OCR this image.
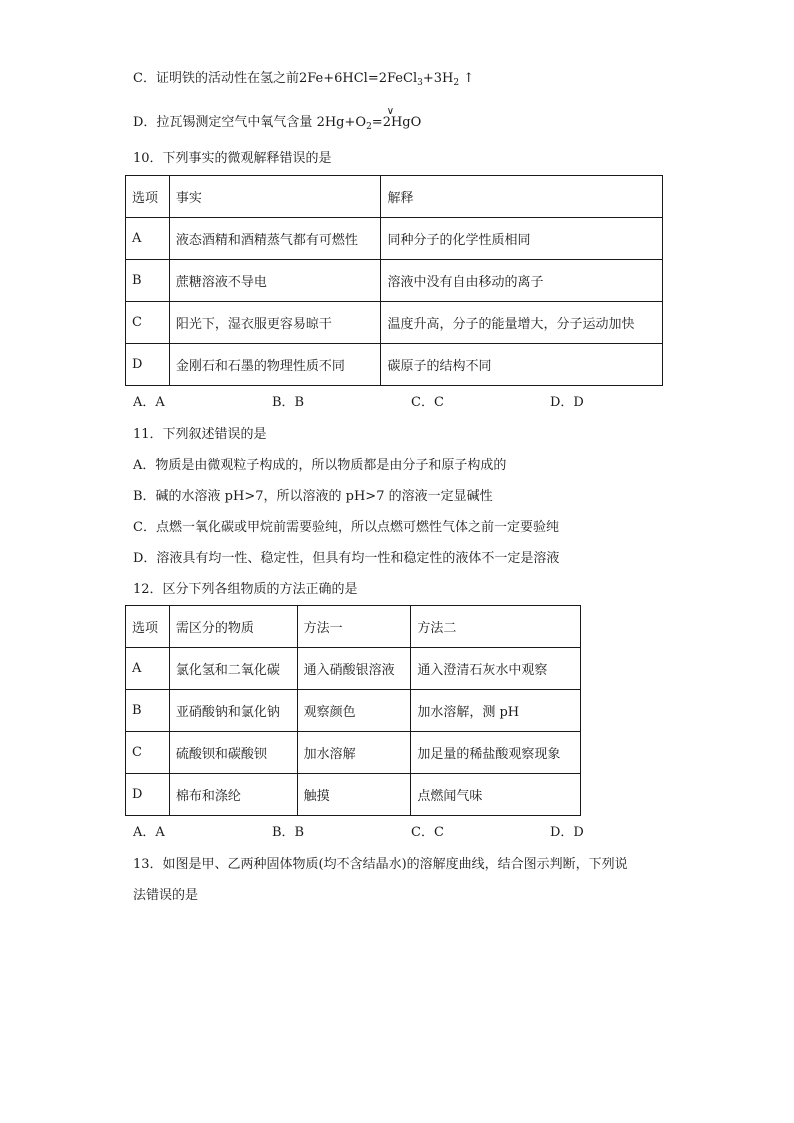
C．证明铁的活动性在氢之前$2Fe+6HCl=2FeCl_3+3H_2$ ↑
D．拉瓦锡测定空气中氧气含量 $2Hg+O_2$
∨
=2HgO
10．下列事实的微观解释错误的是
选项	事实	解释
A	液态酒精和酒精蒸气都有可燃性	同种分子的化学性质相同
B	蔗糖溶液不导电	溶液中没有自由移动的离子
C	阳光下，湿衣服更容易晾干	温度升高，分子的能量增大，分子运动加快
D	金刚石和石墨的物理性质不同	碳原子的结构不同
A．A	B．B	C．C	D．D
11．下列叙述错误的是
A．物质是由微观粒子构成的，所以物质都是由分子和原子构成的
B．碱的水溶液 pH>7，所以溶液的 pH>7 的溶液一定显碱性
C．点燃一氧化碳或甲烷前需要验纯，所以点燃可燃性气体之前一定要验纯
D．溶液具有均一性、稳定性，但具有均一性和稳定性的液体不一定是溶液
12．区分下列各组物质的方法正确的是
选项	需区分的物质	方法一	方法二
A	氯化氢和二氧化碳	通入硝酸银溶液	通入澄清石灰水中观察
B	亚硝酸钠和氯化钠	观察颜色	加水溶解，测 pH
C	硫酸钡和碳酸钡	加水溶解	加足量的稀盐酸观察现象
D	棉布和涤纶	触摸	点燃闻气味
A．A	B．B	C．C	D．D
13．如图是甲、乙两种固体物质(均不含结晶水)的溶解度曲线，结合图示判断，下列说
法错误的是
